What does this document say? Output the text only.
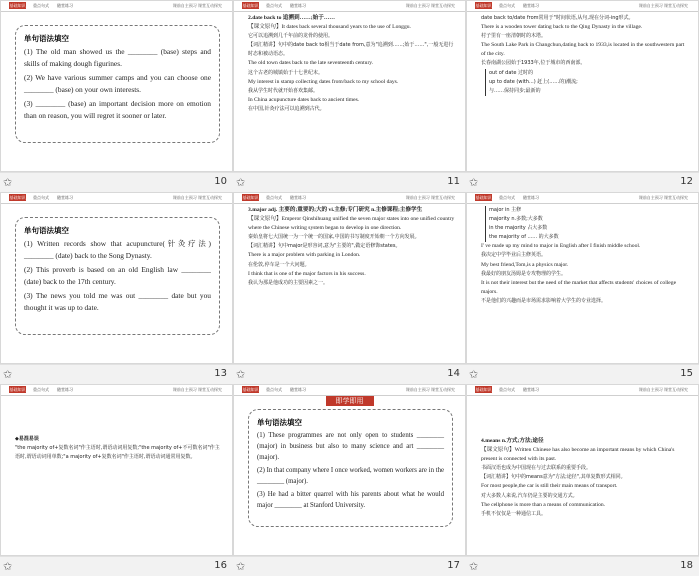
基础知识 重点句式 随堂练习	课前自主预习 课堂互动探究
单句语法填空

(1) The old man showed us the ________ (base) steps and skills of making dough figurines.

(2) We have various summer camps and you can choose one ________ (base) on your own interests.

(3) ________ (base) an important decision more on emotion than on reason, you will regret it sooner or later.

✩	10
基础知识 重点句式 随堂练习	课前自主预习 课堂互动探究

2.date back to 追溯到……;始于……

【课文原句】It dates back several thousand years to the use of Longgu.

它可以追溯到几千年前的龙骨的使用。

【词汇精讲】句中的date back to相当于date from,意为"追溯到……;始于……",一般无进行时态和被动语态。

The old town dates back to the late seventeenth century.

这个古老的城镇始于十七世纪末。

My interest in stamp collecting dates from/back to my school days.

我从学生时代就开始喜欢集邮。

In China acupuncture dates back to ancient times.

在中国,针灸疗法可以追溯到古代。

✩	11
基础知识 重点句式 随堂练习	课前自主预习 课堂互动探究

date back to/date from常用于"时间状语,从句,现在分词-ing形式。

There is a wooden tower dating back to the Qing Dynasty in the village.

村子里有一座清朝时的木塔。

The South Lake Park in Changchun,dating back to 1933,is located in the southwestern part of the city.

长春南湖公园始于1933年,位于城市的西南部。

out of date 过时的

up to date (with...) 赶上(……的)潮流;

与……保持同步;最新的

✩	12
基础知识 重点句式 随堂练习	课前自主预习 课堂互动探究
单句语法填空

(1) Written records show that acupuncture(针灸疗法) ________ (date) back to the Song Dynasty.

(2) This proverb is based on an old English law ________ (date) back to the 17th century.

(3) The news you told me was out ________ date but you thought it was up to date.

✩	13
基础知识 重点句式 随堂练习	课前自主预习 课堂互动探究

3.major adj. 主要的;重要的;大的 vi.主修;专门研究 n.主修课程;主修学生

【课文原句】Emperor Qinshihuang unified the seven major states into one unified country where the Chinese writing system began to develop in one direction.

秦始皇将七大国统一为一个统一的国家,中国的书写制度开始朝一个方向发展。

【词汇精讲】句中major是形容词,意为"主要的",做定语修饰states。

There is a major problem with parking in London.

在伦敦,停车是一个大问题。

I think that is one of the major factors in his success.

我认为那是他成功的主要因素之一。

✩	14
基础知识 重点句式 随堂练习	课前自主预习 课堂互动探究

major in 主修

majority n.多数;大多数

in the majority 占大多数

the majority of ...... 的大多数

I' ve made up my mind to major in English after I finish middle school.

我决定中学毕业后主修英语。

My best friend,Tom,is a physics major.

我最好的朋友汤姆是专攻物理的学生。

It is not their interest but the need of the market that affects students' choices of college majors.

不是他们的兴趣而是市场需求影响着大学生的专业选择。

✩	15
基础知识 重点句式 随堂练习	课前自主预习 课堂互动探究

◆易混易误

"the majority of+复数名词"作主语时,谓语动词用复数;"the majority of+不可数名词"作主语时,谓语动词用单数;"a majority of+复数名词"作主语时,谓语动词通常用复数。

✩	16
基础知识 重点句式 随堂练习	课前自主预习 课堂互动探究
即学即用
单句语法填空

(1) These programmes are not only open to students ________ (major) in business but also to many science and art ________ (major).

(2) In that company where I once worked, women workers are in the ________ (major).

(3) He had a bitter quarrel with his parents about what he would major ________ at Stanford University.

✩	17
基础知识 重点句式 随堂练习	课前自主预习 课堂互动探究

4.means n.方式;方法;途径

【课文原句】Written Chinese has also become an important means by which China's present is connected with its past.

书面汉语也成为中国现在与过去联系的重要手段。

【词汇精讲】句中的means意为"方法;途径",其单复数形式相同。

For most people,the car is still their main means of transport.

对大多数人来说,汽车仍是主要的交通方式。

The cellphone is more than a means of communication.

手机不仅仅是一种通信工具。

✩	18
